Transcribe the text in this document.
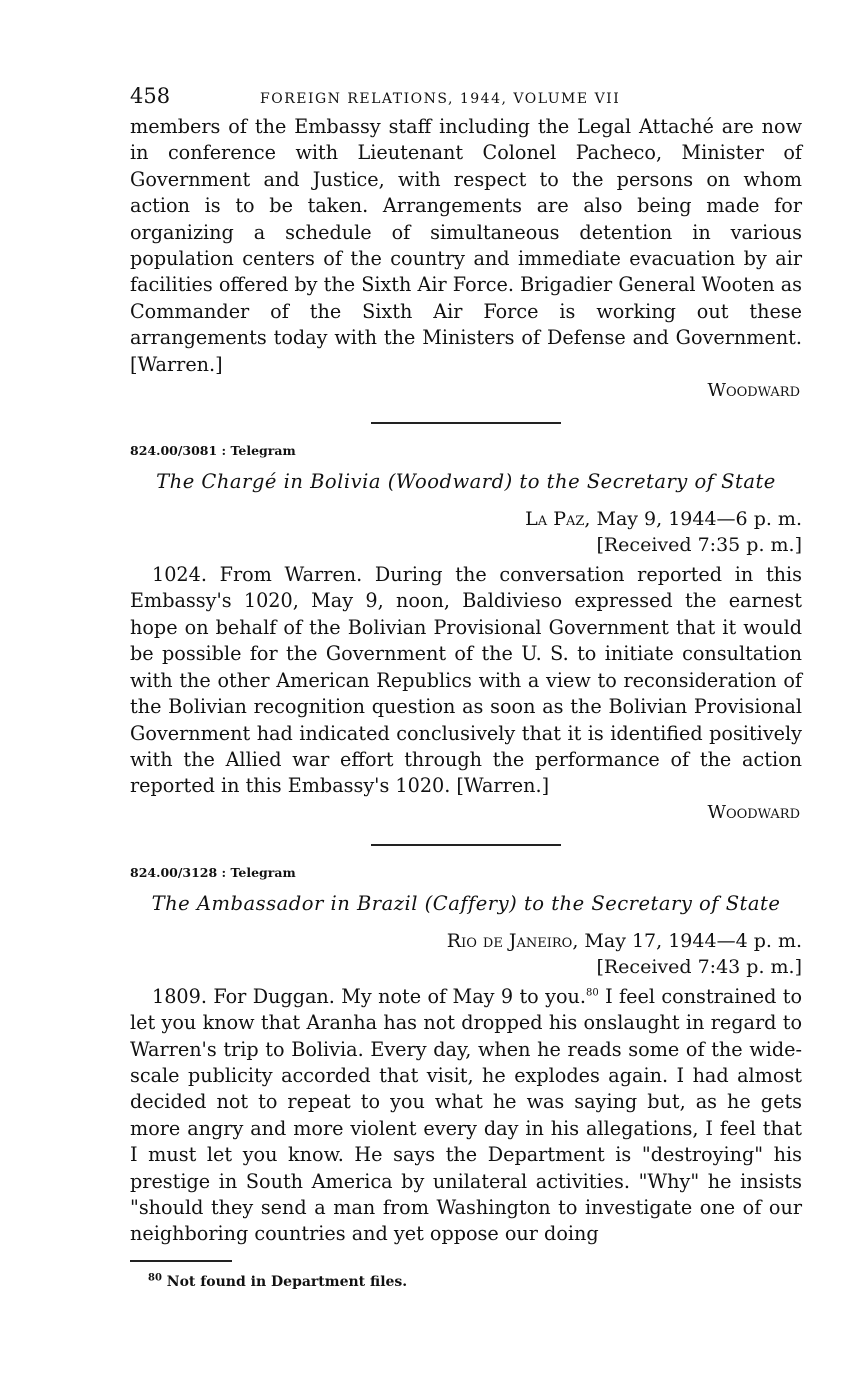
458	FOREIGN RELATIONS, 1944, VOLUME VII

members of the Embassy staff including the Legal Attaché are now in conference with Lieutenant Colonel Pacheco, Minister of Government and Justice, with respect to the persons on whom action is to be taken. Arrangements are also being made for organizing a schedule of simultaneous detention in various population centers of the country and immediate evacuation by air facilities offered by the Sixth Air Force. Brigadier General Wooten as Commander of the Sixth Air Force is working out these arrangements today with the Ministers of Defense and Government. [Warren.]

Woodward
824.00/3081 : Telegram
The Chargé in Bolivia (Woodward) to the Secretary of State
La Paz, May 9, 1944—6 p. m.
[Received 7:35 p. m.]

1024. From Warren. During the conversation reported in this Embassy's 1020, May 9, noon, Baldivieso expressed the earnest hope on behalf of the Bolivian Provisional Government that it would be possible for the Government of the U. S. to initiate consultation with the other American Republics with a view to reconsideration of the Bolivian recognition question as soon as the Bolivian Provisional Government had indicated conclusively that it is identified positively with the Allied war effort through the performance of the action reported in this Embassy's 1020. [Warren.]

Woodward
824.00/3128 : Telegram
The Ambassador in Brazil (Caffery) to the Secretary of State
Rio de Janeiro, May 17, 1944—4 p. m.
[Received 7:43 p. m.]

1809. For Duggan. My note of May 9 to you.$^{80}$ I feel constrained to let you know that Aranha has not dropped his onslaught in regard to Warren's trip to Bolivia. Every day, when he reads some of the wide-scale publicity accorded that visit, he explodes again. I had almost decided not to repeat to you what he was saying but, as he gets more angry and more violent every day in his allegations, I feel that I must let you know. He says the Department is "destroying" his prestige in South America by unilateral activities. "Why" he insists "should they send a man from Washington to investigate one of our neighboring countries and yet oppose our doing

$^{80}$ Not found in Department files.
